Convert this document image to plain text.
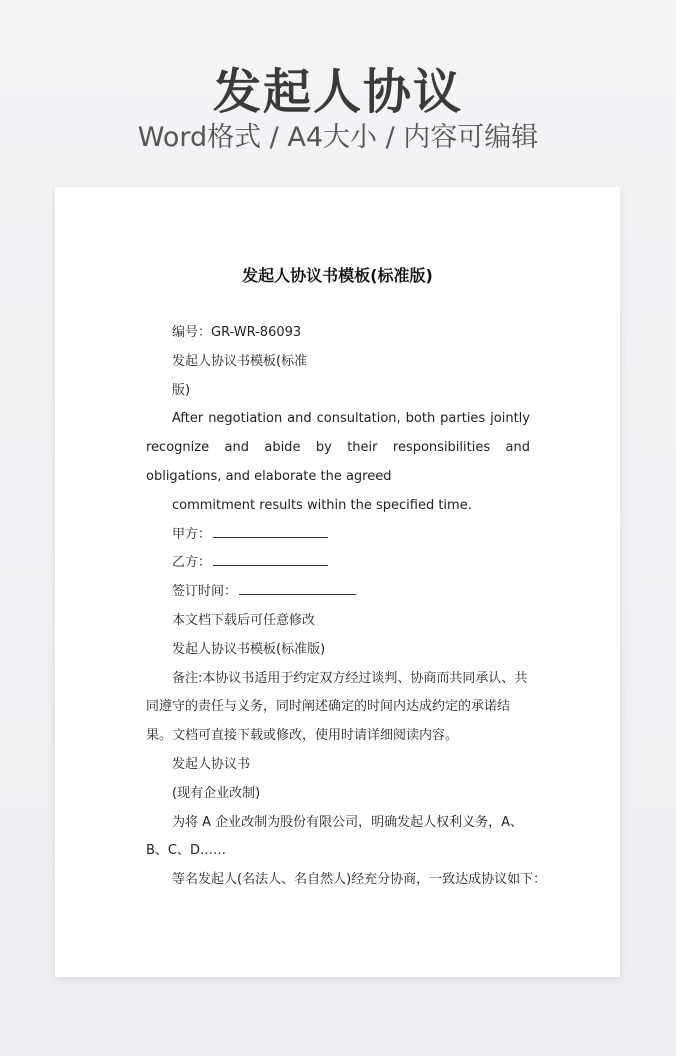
发起人协议
Word格式 / A4大小 / 内容可编辑
发起人协议书模板(标准版)

编号：GR-WR-86093

发起人协议书模板(标准

版)

After negotiation and consultation, both parties jointly recognize and abide by their responsibilities and obligations, and elaborate the agreed

commitment results within the specified time.

甲方：

乙方：

签订时间：

本文档下载后可任意修改

发起人协议书模板(标准版)

备注:本协议书适用于约定双方经过谈判、协商而共同承认、共同遵守的责任与义务，同时阐述确定的时间内达成约定的承诺结果。文档可直接下载或修改，使用时请详细阅读内容。

发起人协议书

(现有企业改制)

为将 A 企业改制为股份有限公司，明确发起人权利义务，A、B、C、D……

等名发起人(名法人、名自然人)经充分协商，一致达成协议如下：
